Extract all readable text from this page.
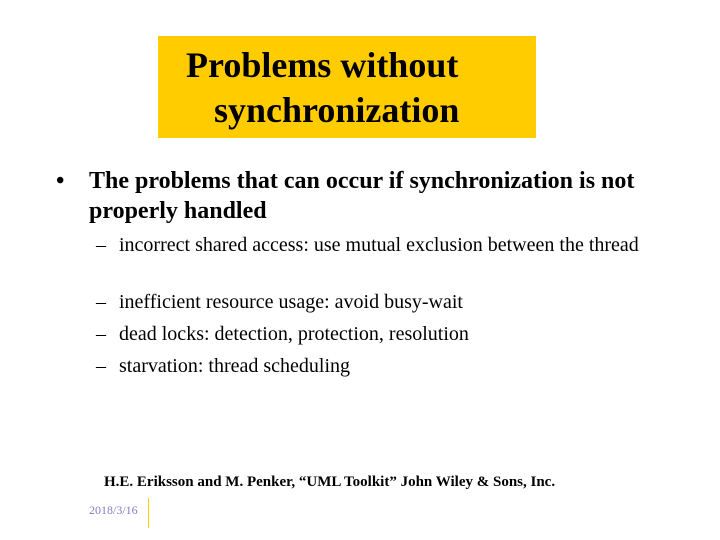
Problems without
synchronization
• The problems that can occur if synchronization is not properly handled
– incorrect shared access: use mutual exclusion between the thread
– inefficient resource usage: avoid busy-wait
– dead locks: detection, protection, resolution
– starvation: thread scheduling
H.E. Eriksson and M. Penker, “UML Toolkit” John Wiley & Sons, Inc.
2018/3/16
